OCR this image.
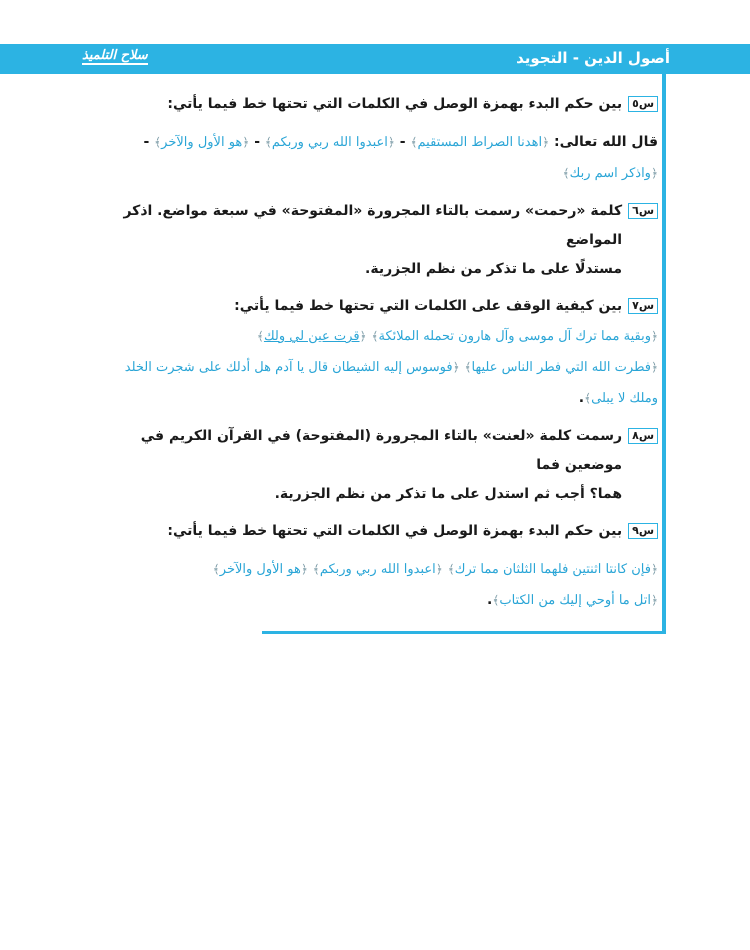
أصول الدين - التجويد
سلاح التلميذ
س٥
بين حكم البدء بهمزة الوصل في الكلمات التي تحتها خط فيما يأتي:
قال الله تعالى: ﴿اهدنا الصراط المستقيم﴾ - ﴿اعبدوا الله ربي وربكم﴾ - ﴿هو الأول والآخر﴾ -
﴿واذكر اسم ربك﴾
س٦
كلمة «رحمت» رسمت بالتاء المجرورة «المفتوحة» في سبعة مواضع. اذكر المواضع
مستدلًا على ما تذكر من نظم الجزرية.
س٧
بين كيفية الوقف على الكلمات التي تحتها خط فيما يأتي:
﴿وبقية مما ترك آل موسى وآل هارون تحمله الملائكة﴾ ﴿قرت عين لي ولك﴾
﴿فطرت الله التي فطر الناس عليها﴾ ﴿فوسوس إليه الشيطان قال يا آدم هل أدلك على شجرت الخلد
وملك لا يبلى﴾.
س٨
رسمت كلمة «لعنت» بالتاء المجرورة (المفتوحة) في القرآن الكريم في موضعين فما
هما؟ أجب ثم استدل على ما تذكر من نظم الجزرية.
س٩
بين حكم البدء بهمزة الوصل في الكلمات التي تحتها خط فيما يأتي:
﴿فإن كانتا اثنتين فلهما الثلثان مما ترك﴾ ﴿اعبدوا الله ربي وربكم﴾ ﴿هو الأول والآخر﴾
﴿اتل ما أوحي إليك من الكتاب﴾.
